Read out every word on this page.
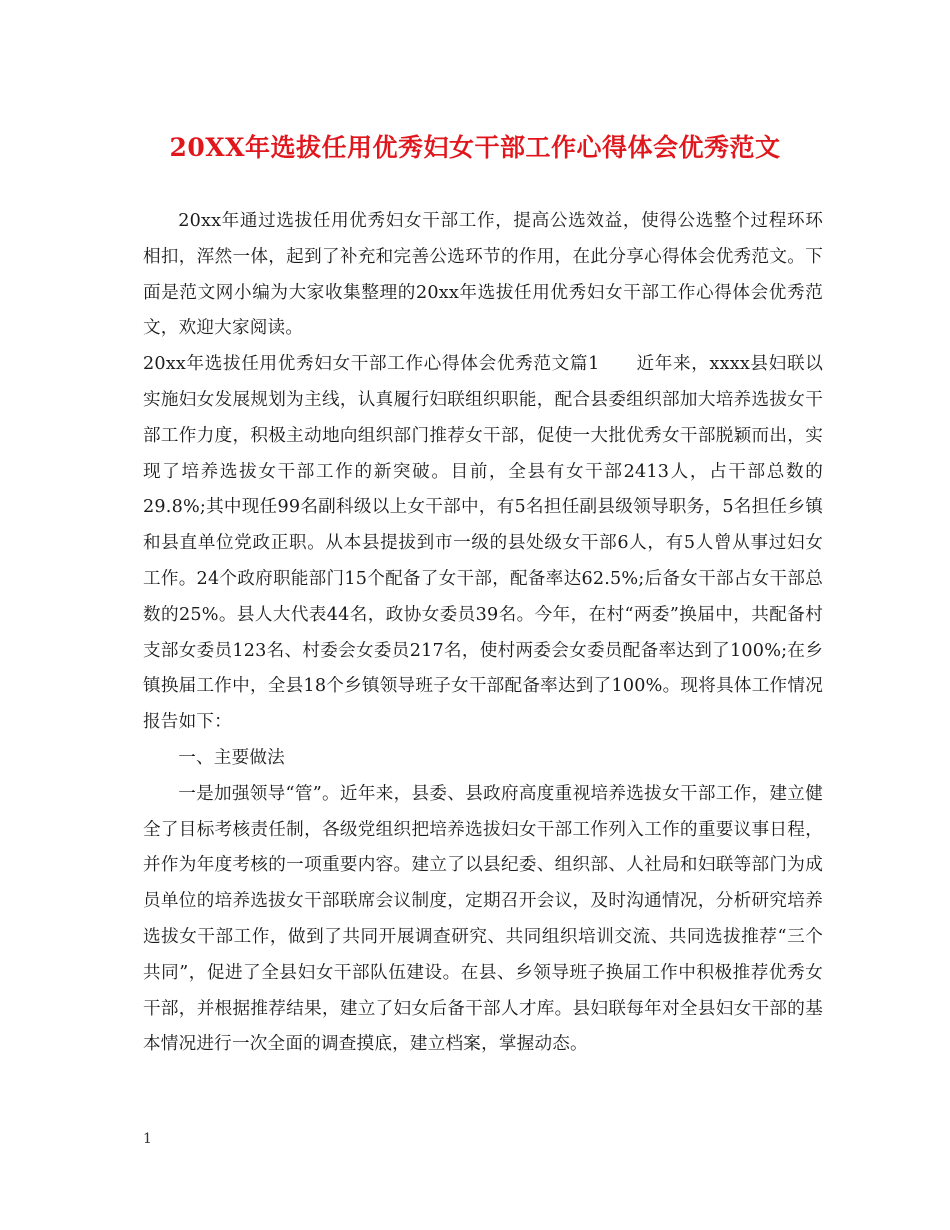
20XX年选拔任用优秀妇女干部工作心得体会优秀范文

20xx年通过选拔任用优秀妇女干部工作，提高公选效益，使得公选整个过程环环相扣，浑然一体，起到了补充和完善公选环节的作用，在此分享心得体会优秀范文。下面是范文网小编为大家收集整理的20xx年选拔任用优秀妇女干部工作心得体会优秀范文，欢迎大家阅读。

20xx年选拔任用优秀妇女干部工作心得体会优秀范文篇1　　近年来，xxxx县妇联以实施妇女发展规划为主线，认真履行妇联组织职能，配合县委组织部加大培养选拔女干部工作力度，积极主动地向组织部门推荐女干部，促使一大批优秀女干部脱颖而出，实现了培养选拔女干部工作的新突破。目前，全县有女干部2413人，占干部总数的29.8%;其中现任99名副科级以上女干部中，有5名担任副县级领导职务，5名担任乡镇和县直单位党政正职。从本县提拔到市一级的县处级女干部6人，有5人曾从事过妇女工作。24个政府职能部门15个配备了女干部，配备率达62.5%;后备女干部占女干部总数的25%。县人大代表44名，政协女委员39名。今年，在村“两委”换届中，共配备村支部女委员123名、村委会女委员217名，使村两委会女委员配备率达到了100%;在乡镇换届工作中，全县18个乡镇领导班子女干部配备率达到了100%。现将具体工作情况报告如下：

一、主要做法

一是加强领导“管”。近年来，县委、县政府高度重视培养选拔女干部工作，建立健全了目标考核责任制，各级党组织把培养选拔妇女干部工作列入工作的重要议事日程，并作为年度考核的一项重要内容。建立了以县纪委、组织部、人社局和妇联等部门为成员单位的培养选拔女干部联席会议制度，定期召开会议，及时沟通情况，分析研究培养选拔女干部工作，做到了共同开展调查研究、共同组织培训交流、共同选拔推荐“三个共同”，促进了全县妇女干部队伍建设。在县、乡领导班子换届工作中积极推荐优秀女干部，并根据推荐结果，建立了妇女后备干部人才库。县妇联每年对全县妇女干部的基本情况进行一次全面的调查摸底，建立档案，掌握动态。

1
